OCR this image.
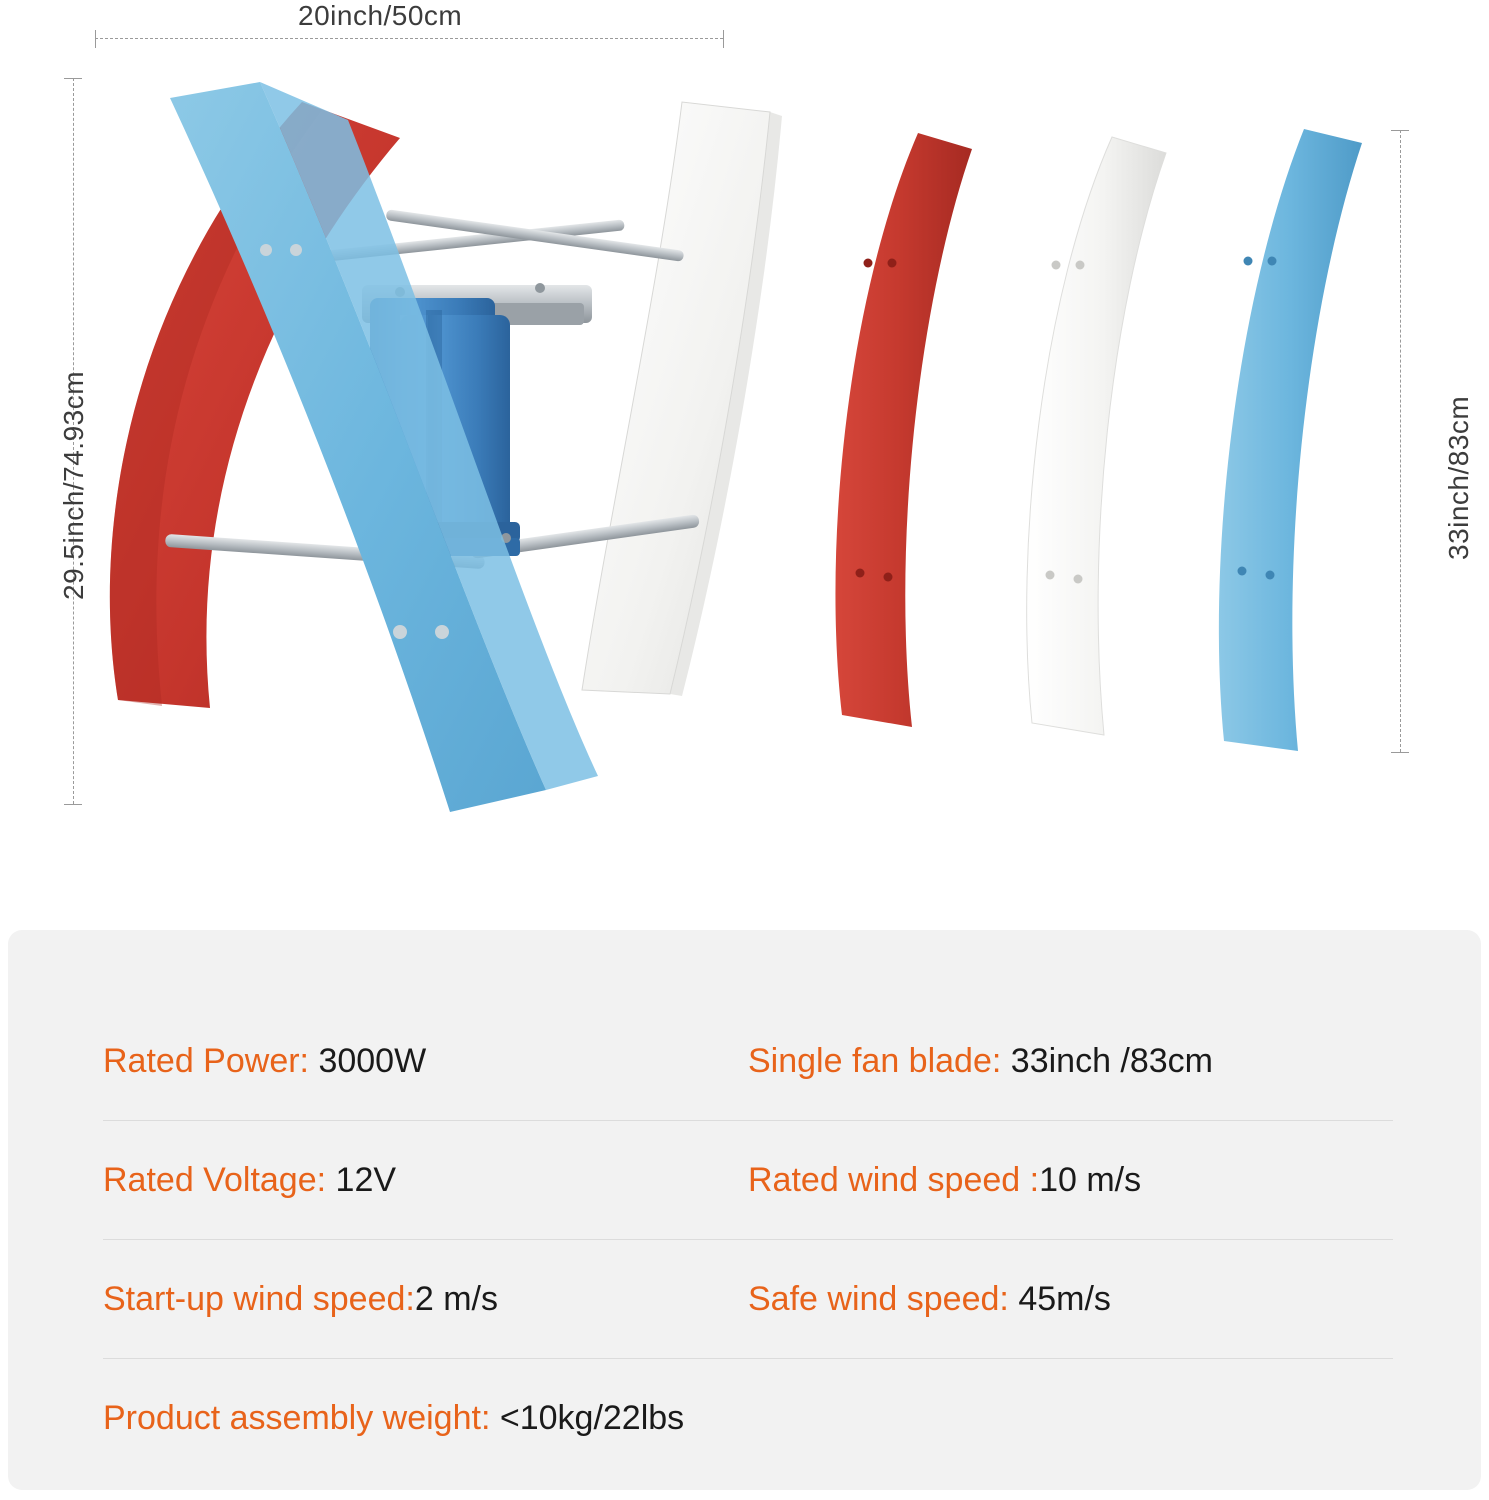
20inch/50cm
29.5inch/74.93cm	33inch/83cm
Rated Power: 3000W	Single fan blade: 33inch /83cm
Rated Voltage: 12V	Rated wind speed :10 m/s
Start-up wind speed:2 m/s	Safe wind speed: 45m/s
Product assembly weight: <10kg/22lbs
